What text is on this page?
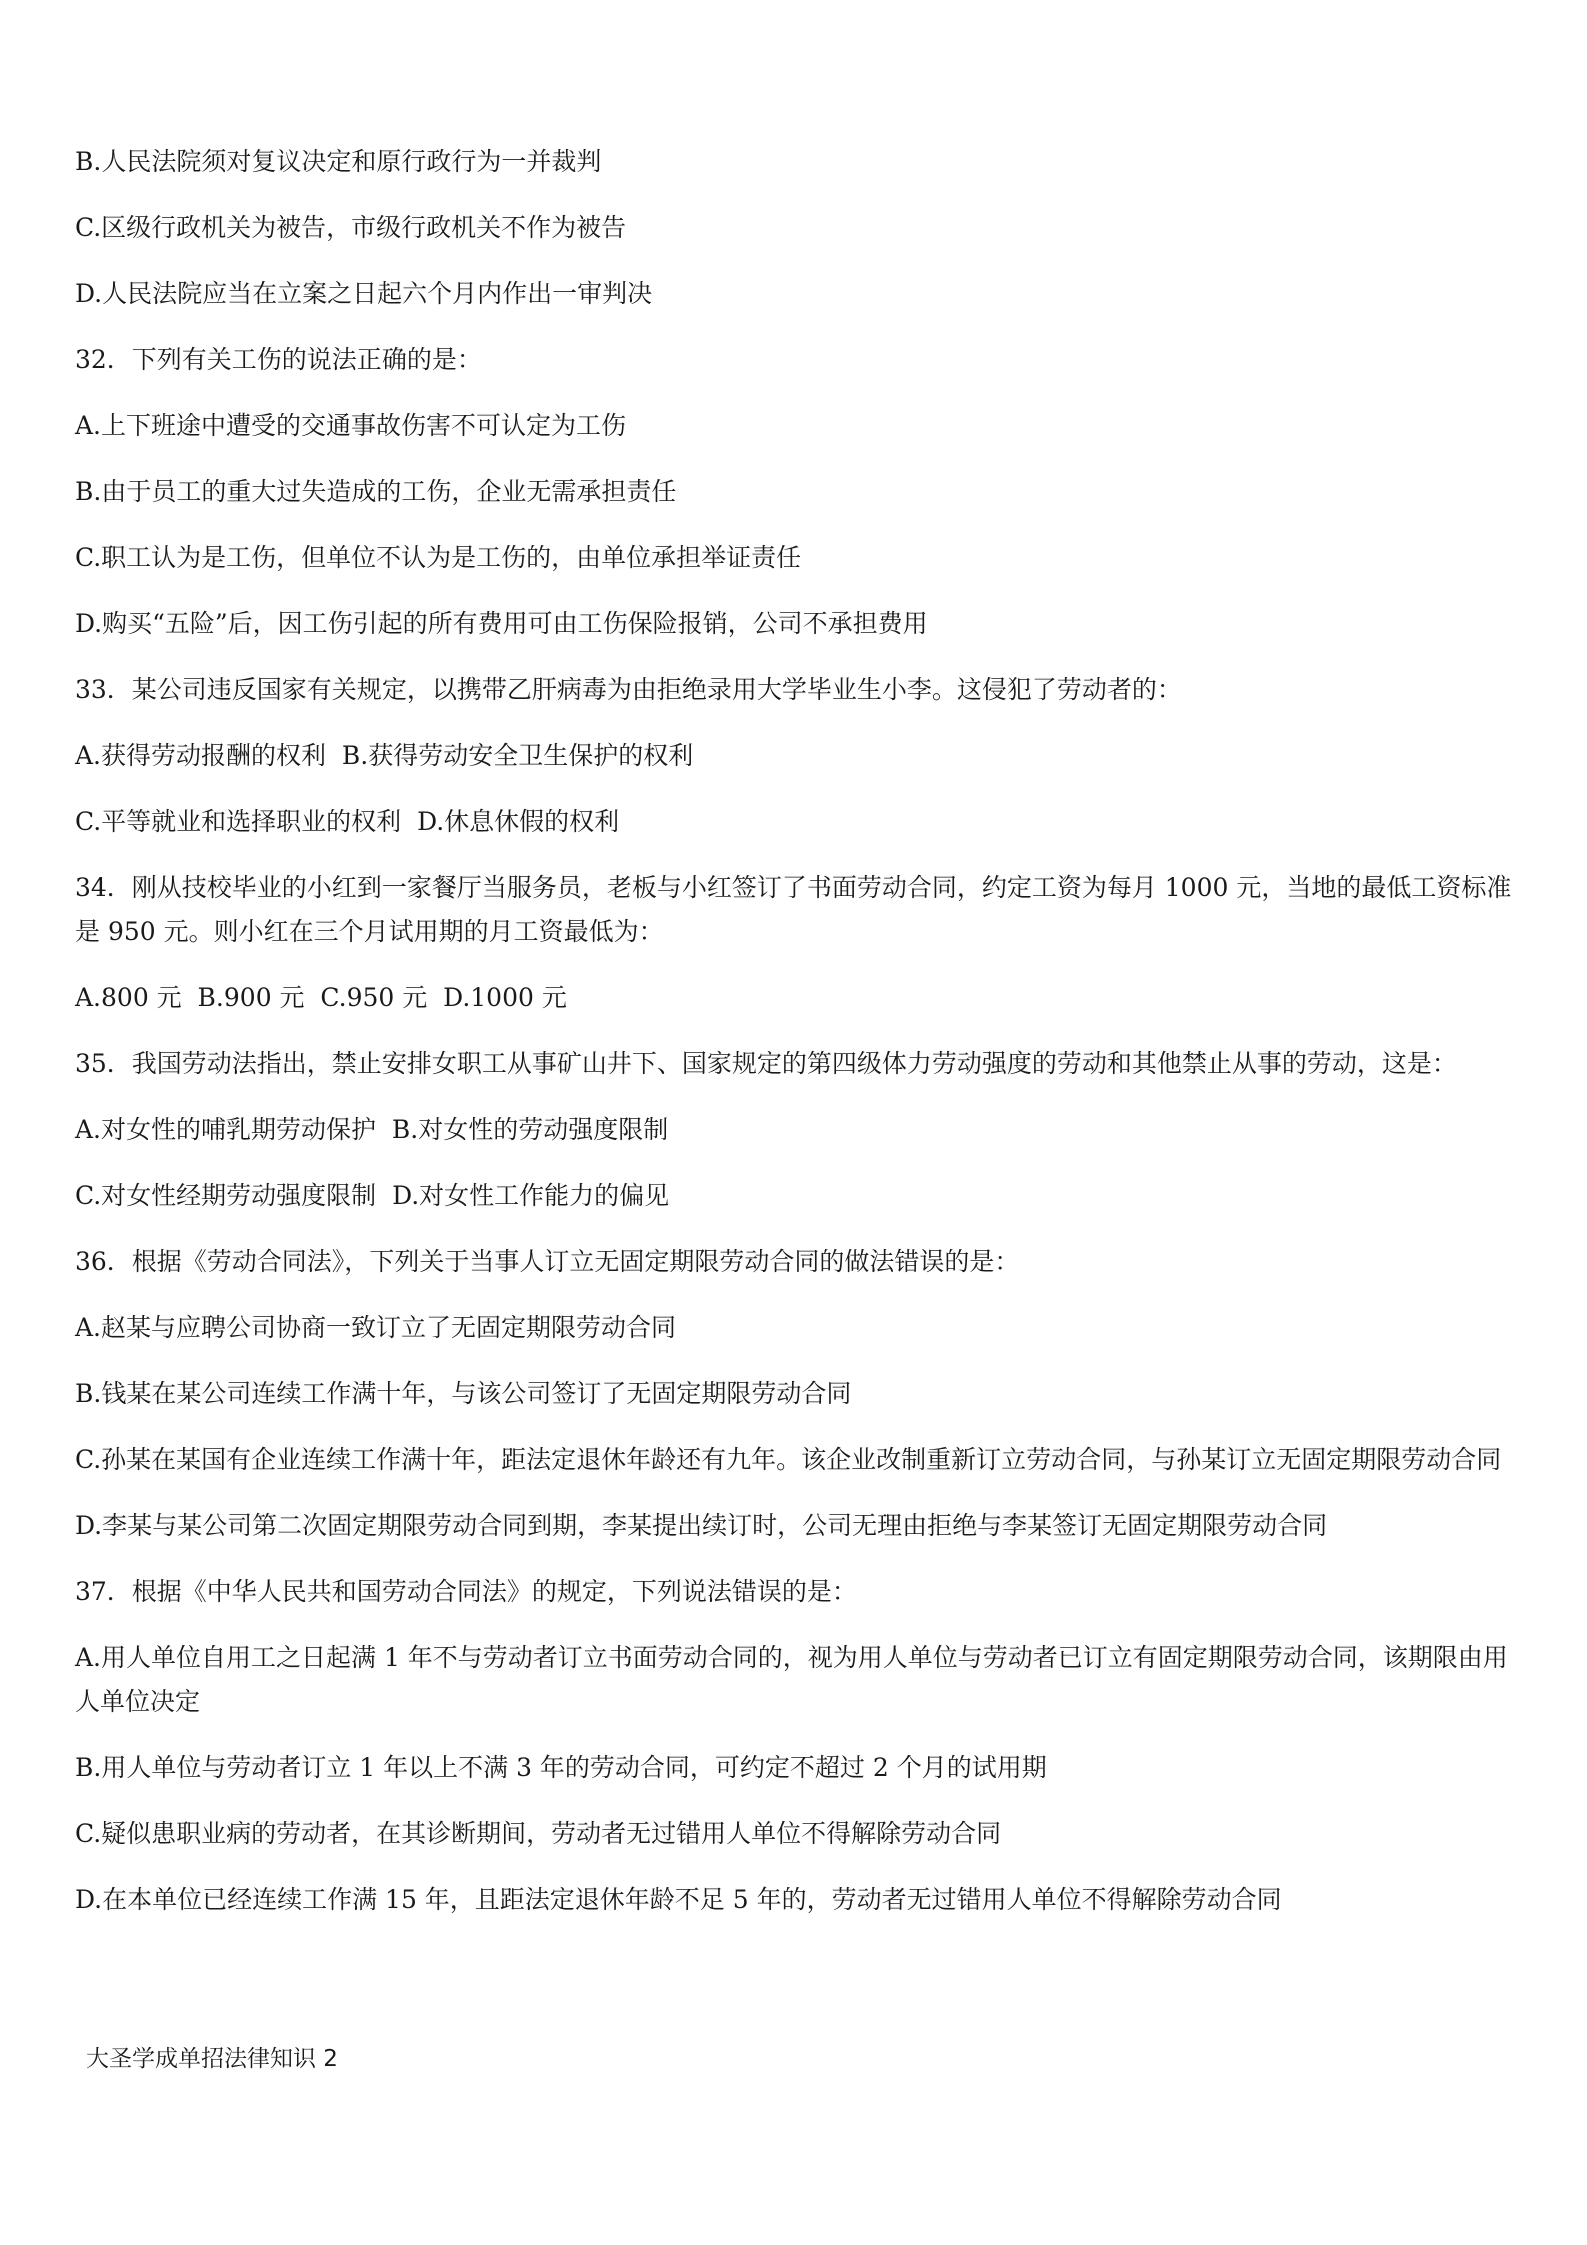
B.人民法院须对复议决定和原行政行为一并裁判

C.区级行政机关为被告，市级行政机关不作为被告

D.人民法院应当在立案之日起六个月内作出一审判决

32．下列有关工伤的说法正确的是：

A.上下班途中遭受的交通事故伤害不可认定为工伤

B.由于员工的重大过失造成的工伤，企业无需承担责任

C.职工认为是工伤，但单位不认为是工伤的，由单位承担举证责任

D.购买“五险”后，因工伤引起的所有费用可由工伤保险报销，公司不承担费用

33．某公司违反国家有关规定，以携带乙肝病毒为由拒绝录用大学毕业生小李。这侵犯了劳动者的：

A.获得劳动报酬的权利  B.获得劳动安全卫生保护的权利

C.平等就业和选择职业的权利  D.休息休假的权利

34．刚从技校毕业的小红到一家餐厅当服务员，老板与小红签订了书面劳动合同，约定工资为每月 1000 元，当地的最低工资标准是 950 元。则小红在三个月试用期的月工资最低为：

A.800 元  B.900 元  C.950 元  D.1000 元

35．我国劳动法指出，禁止安排女职工从事矿山井下、国家规定的第四级体力劳动强度的劳动和其他禁止从事的劳动，这是：

A.对女性的哺乳期劳动保护  B.对女性的劳动强度限制

C.对女性经期劳动强度限制  D.对女性工作能力的偏见

36．根据《劳动合同法》，下列关于当事人订立无固定期限劳动合同的做法错误的是：

A.赵某与应聘公司协商一致订立了无固定期限劳动合同

B.钱某在某公司连续工作满十年，与该公司签订了无固定期限劳动合同

C.孙某在某国有企业连续工作满十年，距法定退休年龄还有九年。该企业改制重新订立劳动合同，与孙某订立无固定期限劳动合同

D.李某与某公司第二次固定期限劳动合同到期，李某提出续订时，公司无理由拒绝与李某签订无固定期限劳动合同

37．根据《中华人民共和国劳动合同法》的规定，下列说法错误的是：

A.用人单位自用工之日起满 1 年不与劳动者订立书面劳动合同的，视为用人单位与劳动者已订立有固定期限劳动合同，该期限由用人单位决定

B.用人单位与劳动者订立 1 年以上不满 3 年的劳动合同，可约定不超过 2 个月的试用期

C.疑似患职业病的劳动者，在其诊断期间，劳动者无过错用人单位不得解除劳动合同

D.在本单位已经连续工作满 15 年，且距法定退休年龄不足 5 年的，劳动者无过错用人单位不得解除劳动合同

大圣学成单招法律知识 2
